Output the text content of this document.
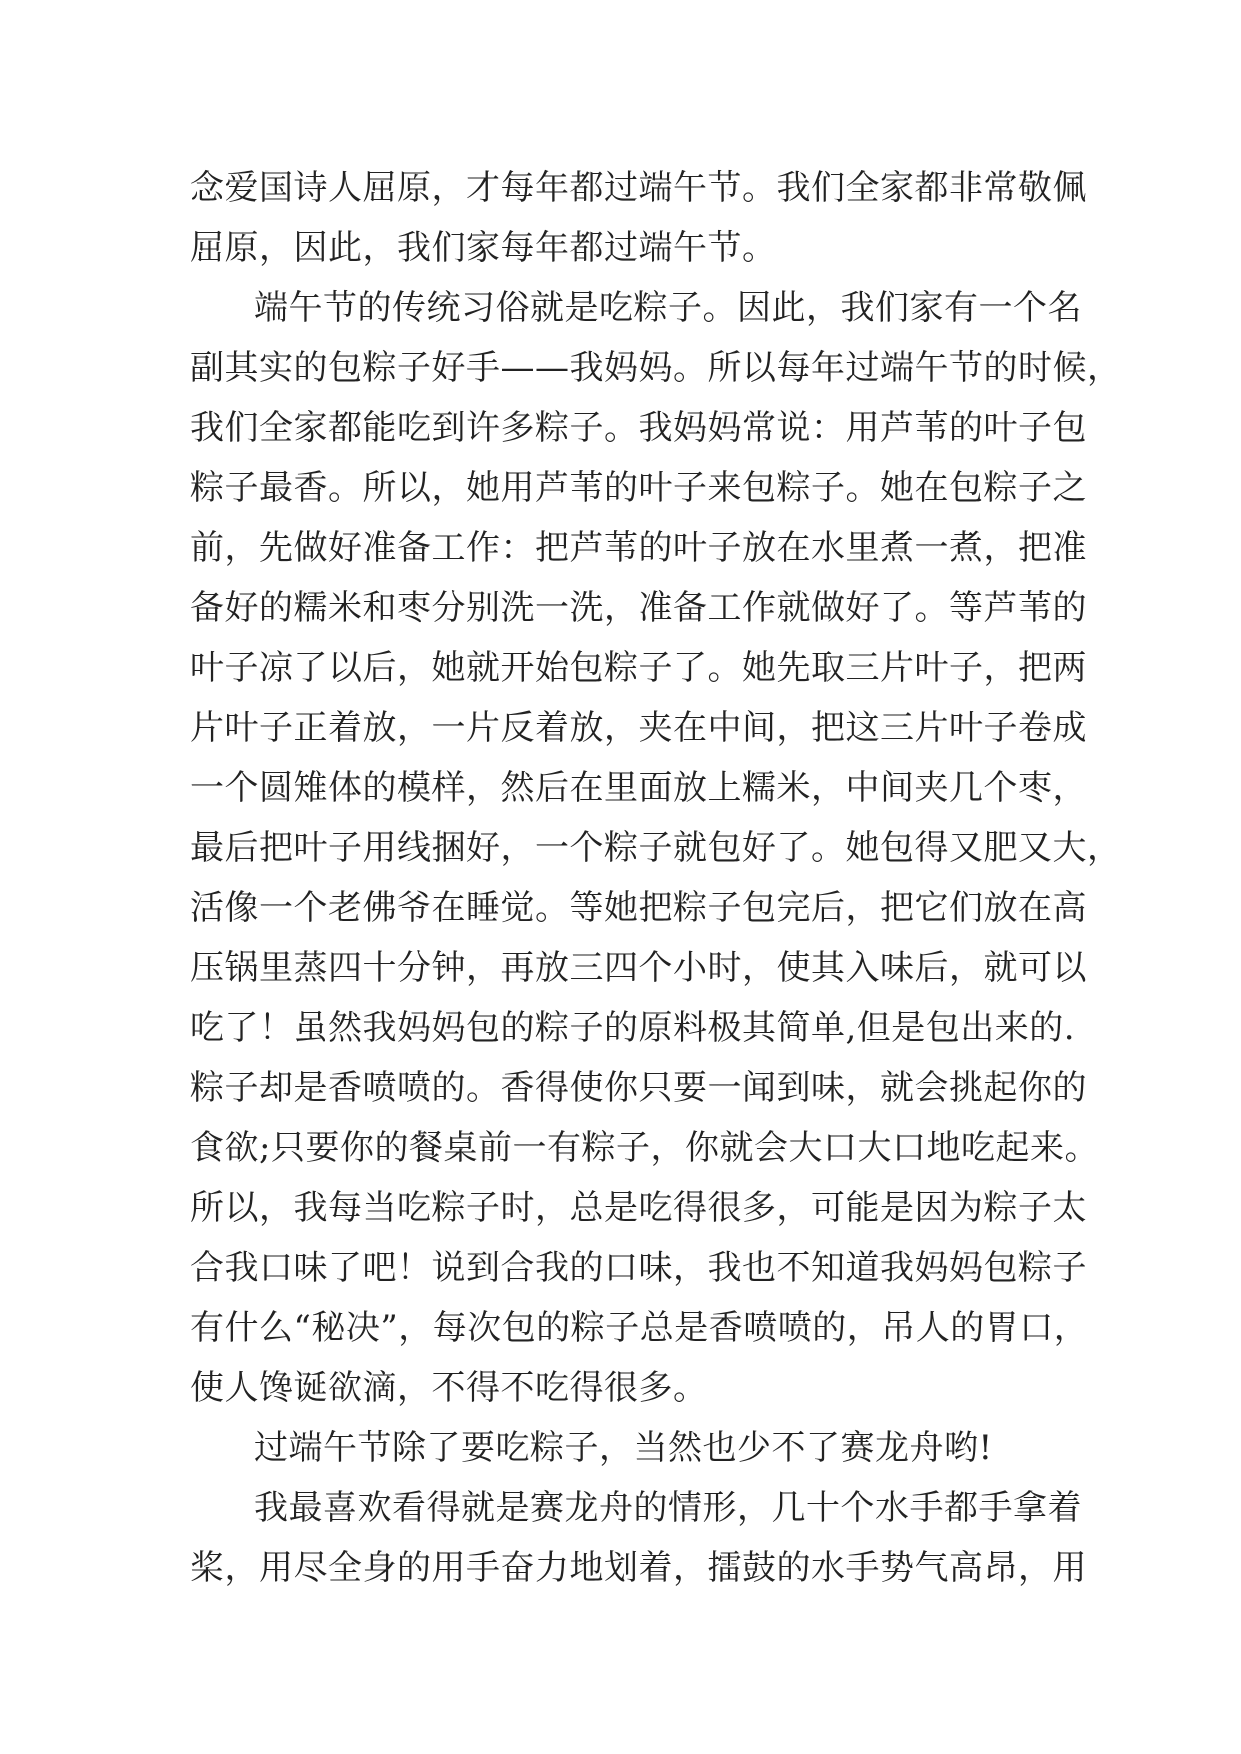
念爱国诗人屈原，才每年都过端午节。我们全家都非常敬佩
屈原，因此，我们家每年都过端午节。
端午节的传统习俗就是吃粽子。因此，我们家有一个名
副其实的包粽子好手——我妈妈。所以每年过端午节的时候，
我们全家都能吃到许多粽子。我妈妈常说：用芦苇的叶子包
粽子最香。所以，她用芦苇的叶子来包粽子。她在包粽子之
前，先做好准备工作：把芦苇的叶子放在水里煮一煮，把准
备好的糯米和枣分别洗一洗，准备工作就做好了。等芦苇的
叶子凉了以后，她就开始包粽子了。她先取三片叶子，把两
片叶子正着放，一片反着放，夹在中间，把这三片叶子卷成
一个圆雉体的模样，然后在里面放上糯米，中间夹几个枣，
最后把叶子用线捆好，一个粽子就包好了。她包得又肥又大，
活像一个老佛爷在睡觉。等她把粽子包完后，把它们放在高
压锅里蒸四十分钟，再放三四个小时，使其入味后，就可以
吃了！虽然我妈妈包的粽子的原料极其简单,但是包出来的.
粽子却是香喷喷的。香得使你只要一闻到味，就会挑起你的
食欲;只要你的餐桌前一有粽子，你就会大口大口地吃起来。
所以，我每当吃粽子时，总是吃得很多，可能是因为粽子太
合我口味了吧！说到合我的口味，我也不知道我妈妈包粽子
有什么“秘决”，每次包的粽子总是香喷喷的，吊人的胃口，
使人馋诞欲滴，不得不吃得很多。
过端午节除了要吃粽子，当然也少不了赛龙舟哟!
我最喜欢看得就是赛龙舟的情形，几十个水手都手拿着
桨，用尽全身的用手奋力地划着，擂鼓的水手势气高昂，用
